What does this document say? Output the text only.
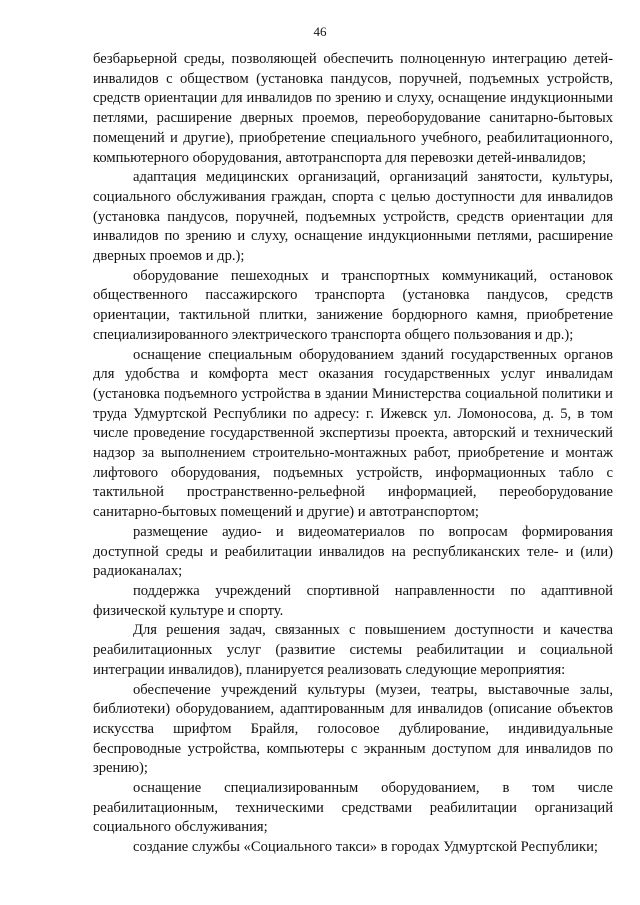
46

безбарьерной среды, позволяющей обеспечить полноценную интеграцию детей-инвалидов с обществом (установка пандусов, поручней, подъемных устройств, средств ориентации для инвалидов по зрению и слуху, оснащение индукционными петлями, расширение дверных проемов, переоборудование санитарно-бытовых помещений и другие), приобретение специального учебного, реабилитационного, компьютерного оборудования, автотранспорта для перевозки детей-инвалидов;

адаптация медицинских организаций, организаций занятости, культуры, социального обслуживания граждан, спорта с целью доступности для инвалидов (установка пандусов, поручней, подъемных устройств, средств ориентации для инвалидов по зрению и слуху, оснащение индукционными петлями, расширение дверных проемов и др.);

оборудование пешеходных и транспортных коммуникаций, остановок общественного пассажирского транспорта (установка пандусов, средств ориентации, тактильной плитки, занижение бордюрного камня, приобретение специализированного электрического транспорта общего пользования и др.);

оснащение специальным оборудованием зданий государственных органов для удобства и комфорта мест оказания государственных услуг инвалидам (установка подъемного устройства в здании Министерства социальной политики и труда Удмуртской Республики по адресу: г. Ижевск ул. Ломоносова, д. 5, в том числе проведение государственной экспертизы проекта, авторский и технический надзор за выполнением строительно-монтажных работ, приобретение и монтаж лифтового оборудования, подъемных устройств, информационных табло с тактильной пространственно-рельефной информацией, переоборудование санитарно-бытовых помещений и другие) и автотранспортом;

размещение аудио- и видеоматериалов по вопросам формирования доступной среды и реабилитации инвалидов на республиканских теле- и (или) радиоканалах;

поддержка учреждений спортивной направленности по адаптивной физической культуре и спорту.

Для решения задач, связанных с повышением доступности и качества реабилитационных услуг (развитие системы реабилитации и социальной интеграции инвалидов), планируется реализовать следующие мероприятия:

обеспечение учреждений культуры (музеи, театры, выставочные залы, библиотеки) оборудованием, адаптированным для инвалидов (описание объектов искусства шрифтом Брайля, голосовое дублирование, индивидуальные беспроводные устройства, компьютеры с экранным доступом для инвалидов по зрению);

оснащение специализированным оборудованием, в том числе реабилитационным, техническими средствами реабилитации организаций социального обслуживания;

создание службы «Социального такси» в городах Удмуртской Республики;
